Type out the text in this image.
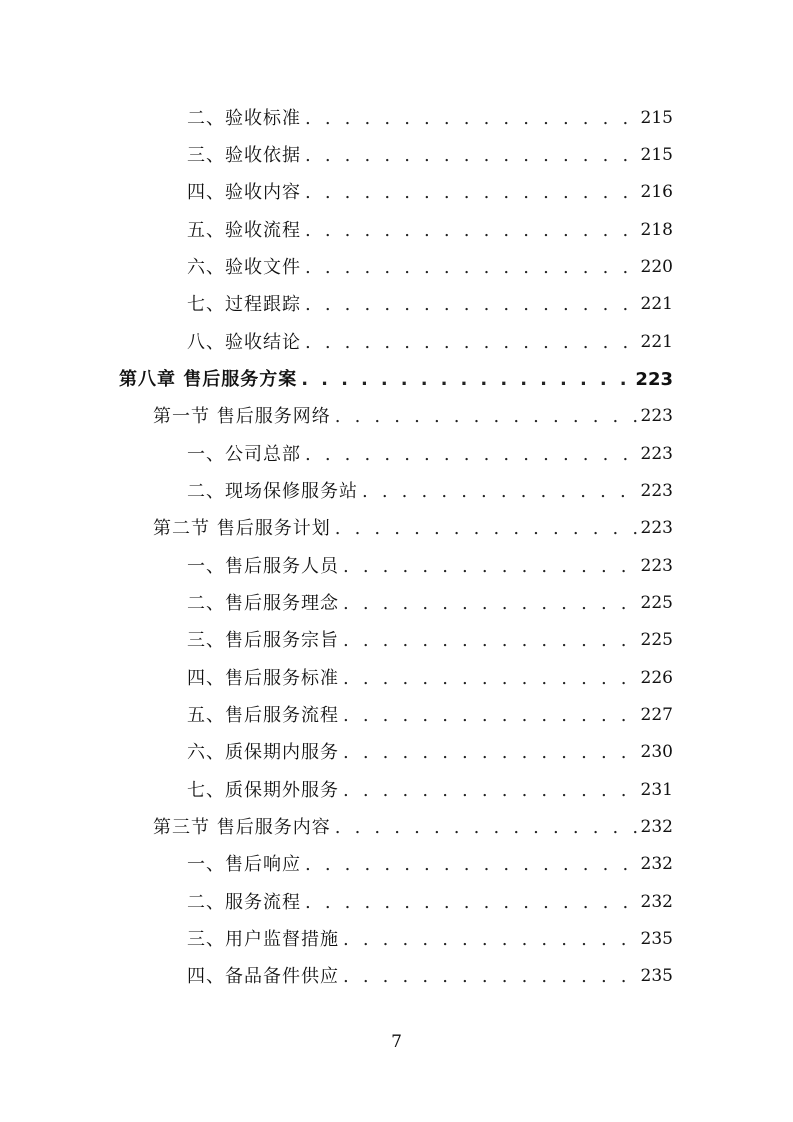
二、验收标准 . . .	215
三、验收依据 . . .	215
四、验收内容 . . .	216
五、验收流程 . . .	218
六、验收文件 . . .	220
七、过程跟踪 . . .	221
八、验收结论 . . .	221
第八章 售后服务方案 . . .	223
第一节 售后服务网络 . . .	223
一、公司总部 . . .	223
二、现场保修服务站 . . .	223
第二节 售后服务计划 . . .	223
一、售后服务人员 . . .	223
二、售后服务理念 . . .	225
三、售后服务宗旨 . . .	225
四、售后服务标准 . . .	226
五、售后服务流程 . . .	227
六、质保期内服务 . . .	230
七、质保期外服务 . . .	231
第三节 售后服务内容 . . .	232
一、售后响应 . . .	232
二、服务流程 . . .	232
三、用户监督措施 . . .	235
四、备品备件供应 . . .	235
7
